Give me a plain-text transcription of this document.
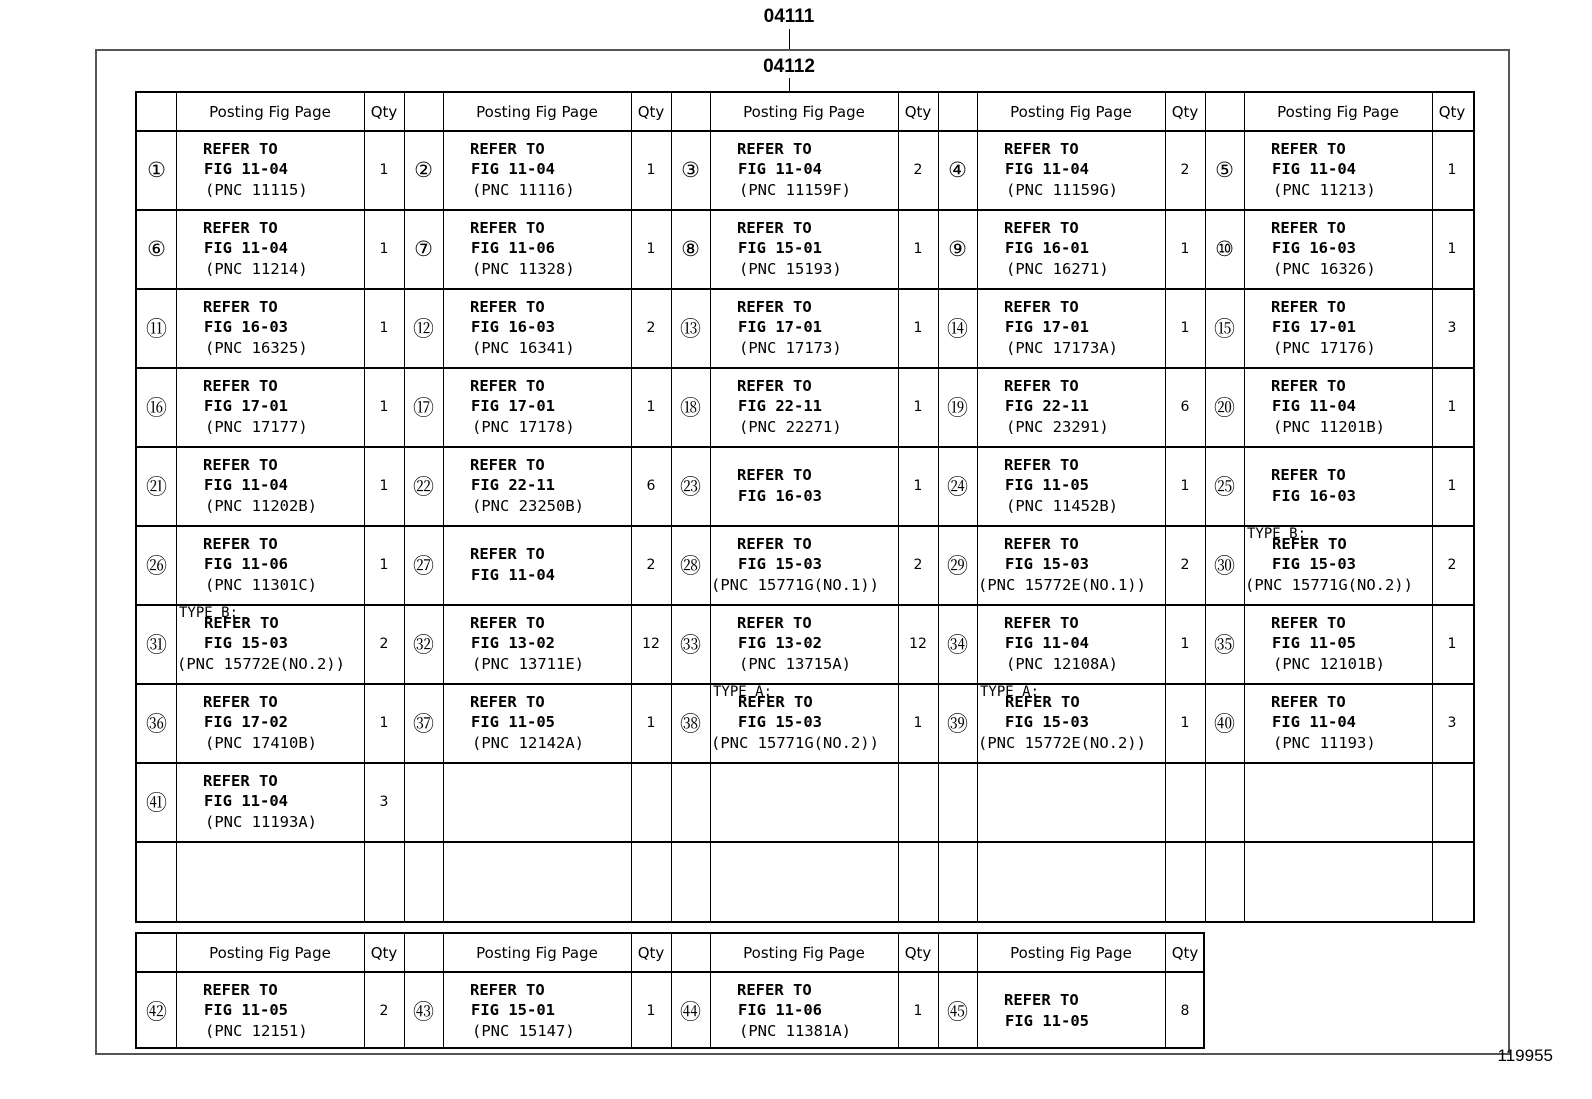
04111
04112
Posting Fig Page	Qty	Posting Fig Page	Qty	Posting Fig Page	Qty	Posting Fig Page	Qty	Posting Fig Page	Qty
①
REFER TO
FIG 11-04
(PNC 11115)
1	②
REFER TO
FIG 11-04
(PNC 11116)
1	③
REFER TO
FIG 11-04
(PNC 11159F)
2	④
REFER TO
FIG 11-04
(PNC 11159G)
2	⑤
REFER TO
FIG 11-04
(PNC 11213)
1
⑥
REFER TO
FIG 11-04
(PNC 11214)
1	⑦
REFER TO
FIG 11-06
(PNC 11328)
1	⑧
REFER TO
FIG 15-01
(PNC 15193)
1	⑨
REFER TO
FIG 16-01
(PNC 16271)
1	⑩
REFER TO
FIG 16-03
(PNC 16326)
1
⑪
REFER TO
FIG 16-03
(PNC 16325)
1	⑫
REFER TO
FIG 16-03
(PNC 16341)
2	⑬
REFER TO
FIG 17-01
(PNC 17173)
1	⑭
REFER TO
FIG 17-01
(PNC 17173A)
1	⑮
REFER TO
FIG 17-01
(PNC 17176)
3
⑯
REFER TO
FIG 17-01
(PNC 17177)
1	⑰
REFER TO
FIG 17-01
(PNC 17178)
1	⑱
REFER TO
FIG 22-11
(PNC 22271)
1	⑲
REFER TO
FIG 22-11
(PNC 23291)
6	⑳
REFER TO
FIG 11-04
(PNC 11201B)
1
㉑
REFER TO
FIG 11-04
(PNC 11202B)
1	㉒
REFER TO
FIG 22-11
(PNC 23250B)
6	㉓	REFER TO
FIG 16-03
1	㉔
REFER TO
FIG 11-05
(PNC 11452B)
1	㉕	REFER TO
FIG 16-03
1
㉖
REFER TO
FIG 11-06
(PNC 11301C)
1	㉗	REFER TO
FIG 11-04
2	㉘
REFER TO
FIG 15-03
(PNC 15771G(NO.1))
2	㉙
REFER TO
FIG 15-03
(PNC 15772E(NO.1))
2	㉚
TYPE B:
REFER TO
FIG 15-03
(PNC 15771G(NO.2))
2
㉛
TYPE B:
REFER TO
FIG 15-03
(PNC 15772E(NO.2))
2	㉜
REFER TO
FIG 13-02
(PNC 13711E)
12 ㉝
REFER TO
FIG 13-02
(PNC 13715A)
12 ㉞
REFER TO
FIG 11-04
(PNC 12108A)
1	㉟
REFER TO
FIG 11-05
(PNC 12101B)
1
㊱
REFER TO
FIG 17-02
(PNC 17410B)
1	㊲
REFER TO
FIG 11-05
(PNC 12142A)
1	㊳
TYPE A:
REFER TO
FIG 15-03
(PNC 15771G(NO.2))
1	㊴
TYPE A:
REFER TO
FIG 15-03
(PNC 15772E(NO.2))
1	㊵
REFER TO
FIG 11-04
(PNC 11193)
3
㊶
REFER TO
FIG 11-04
(PNC 11193A)
3
Posting Fig Page	Qty	Posting Fig Page	Qty	Posting Fig Page	Qty	Posting Fig Page	Qty
㊷
REFER TO
FIG 11-05
(PNC 12151)
2	㊸
REFER TO
FIG 15-01
(PNC 15147)
1	㊹
REFER TO
FIG 11-06
(PNC 11381A)
1	㊺	REFER TO
FIG 11-05
8
119955
